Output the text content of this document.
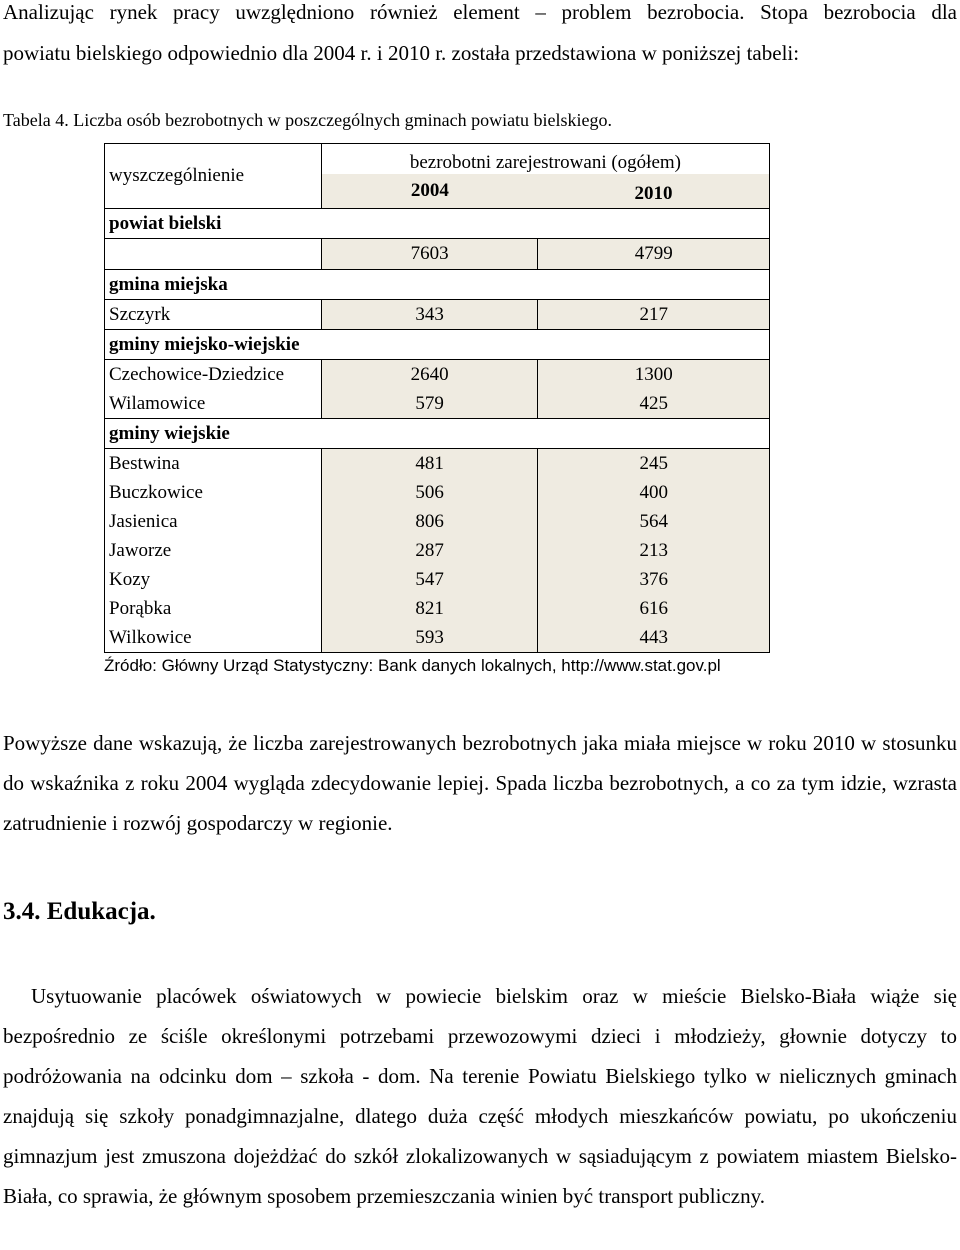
Analizując rynek pracy uwzględniono również element – problem bezrobocia. Stopa bezrobocia dla
powiatu bielskiego odpowiednio dla 2004 r. i 2010 r. została przedstawiona w poniższej tabeli:
Tabela 4. Liczba osób bezrobotnych w poszczególnych gminach powiatu bielskiego.
wyszczególnienie	bezrobotni zarejestrowani (ogółem)	
	2004	2010
powiat bielski		
	7603	4799
gmina miejska		
Szczyrk	343	217
gminy miejsko-wiejskie		
Czechowice-Dziedzice	2640	1300
Wilamowice	579	425
gminy wiejskie		
Bestwina	481	245
Buczkowice	506	400
Jasienica	806	564
Jaworze	287	213
Kozy	547	376
Porąbka	821	616
Wilkowice	593	443
Źródło: Główny Urząd Statystyczny: Bank danych lokalnych, http://www.stat.gov.pl
Powyższe dane wskazują, że liczba zarejestrowanych bezrobotnych jaka miała miejsce w roku 2010 w stosunku do wskaźnika z roku 2004 wygląda zdecydowanie lepiej. Spada liczba bezrobotnych, a co za tym idzie, wzrasta zatrudnienie i rozwój gospodarczy w regionie.
3.4. Edukacja.
Usytuowanie placówek oświatowych w powiecie bielskim oraz w mieście Bielsko-Biała wiąże się bezpośrednio ze ściśle określonymi potrzebami przewozowymi dzieci i młodzieży, głownie dotyczy to podróżowania na odcinku dom – szkoła - dom. Na terenie Powiatu Bielskiego tylko w nielicznych gminach znajdują się szkoły ponadgimnazjalne, dlatego duża część młodych mieszkańców powiatu, po ukończeniu gimnazjum jest zmuszona dojeżdżać do szkół zlokalizowanych w sąsiadującym z powiatem miastem Bielsko-Biała, co sprawia, że głównym sposobem przemieszczania winien być transport publiczny.
